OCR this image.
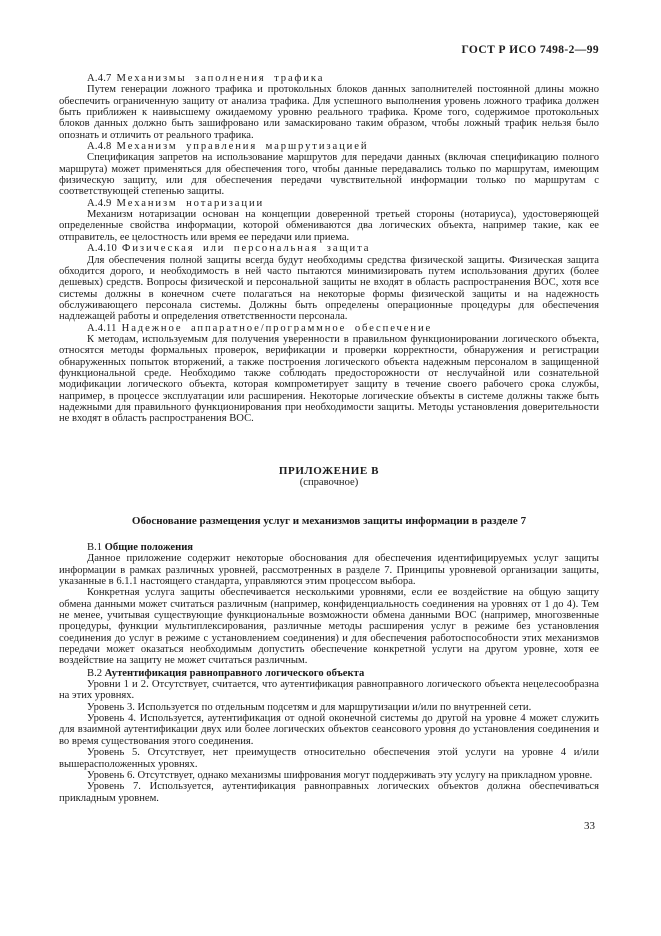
ГОСТ Р ИСО 7498-2—99
А.4.7 Механизмы заполнения трафика

Путем генерации ложного трафика и протокольных блоков данных заполнителей постоянной длины можно обеспечить ограниченную защиту от анализа трафика. Для успешного выполнения уровень ложного трафика должен быть приближен к наивысшему ожидаемому уровню реального трафика. Кроме того, содержимое протокольных блоков данных должно быть зашифровано или замаскировано таким образом, чтобы ложный трафик нельзя было опознать и отличить от реального трафика.

А.4.8 Механизм управления маршрутизацией

Спецификация запретов на использование маршрутов для передачи данных (включая спецификацию полного маршрута) может применяться для обеспечения того, чтобы данные передавались только по маршрутам, имеющим физическую защиту, или для обеспечения передачи чувствительной информации только по маршрутам с соответствующей степенью защиты.

А.4.9 Механизм нотаризации

Механизм нотаризации основан на концепции доверенной третьей стороны (нотариуса), удостоверяющей определенные свойства информации, которой обмениваются два логических объекта, например такие, как ее отправитель, ее целостность или время ее передачи или приема.

А.4.10 Физическая или персональная защита

Для обеспечения полной защиты всегда будут необходимы средства физической защиты. Физическая защита обходится дорого, и необходимость в ней часто пытаются минимизировать путем использования других (более дешевых) средств. Вопросы физической и персональной защиты не входят в область распространения ВОС, хотя все системы должны в конечном счете полагаться на некоторые формы физической защиты и на надежность обслуживающего персонала системы. Должны быть определены операционные процедуры для обеспечения надлежащей работы и определения ответственности персонала.

А.4.11 Надежное аппаратное/программное обеспечение

К методам, используемым для получения уверенности в правильном функционировании логического объекта, относятся методы формальных проверок, верификации и проверки корректности, обнаружения и регистрации обнаруженных попыток вторжений, а также построения логического объекта надежным персоналом в защищенной функциональной среде. Необходимо также соблюдать предосторожности от неслучайной или сознательной модификации логического объекта, которая компрометирует защиту в течение своего рабочего срока службы, например, в процессе эксплуатации или расширения. Некоторые логические объекты в системе должны также быть надежными для правильного функционирования при необходимости защиты. Методы установления доверительности не входят в область распространения ВОС.

ПРИЛОЖЕНИЕ В
(справочное)
Обоснование размещения услуг и механизмов защиты информации в разделе 7
В.1 Общие положения

Данное приложение содержит некоторые обоснования для обеспечения идентифицируемых услуг защиты информации в рамках различных уровней, рассмотренных в разделе 7. Принципы уровневой организации защиты, указанные в 6.1.1 настоящего стандарта, управляются этим процессом выбора.

Конкретная услуга защиты обеспечивается несколькими уровнями, если ее воздействие на общую защиту обмена данными может считаться различным (например, конфиденциальность соединения на уровнях от 1 до 4). Тем не менее, учитывая существующие функциональные возможности обмена данными ВОС (например, многозвенные процедуры, функции мультиплексирования, различные методы расширения услуг в режиме без установления соединения до услуг в режиме с установлением соединения) и для обеспечения работоспособности этих механизмов передачи может оказаться необходимым допустить обеспечение конкретной услуги на другом уровне, хотя ее воздействие на защиту не может считаться различным.

В.2 Аутентификация равноправного логического объекта

Уровни 1 и 2. Отсутствует, считается, что аутентификация равноправного логического объекта нецелесообразна на этих уровнях.

Уровень 3. Используется по отдельным подсетям и для маршрутизации и/или по внутренней сети.

Уровень 4. Используется, аутентификация от одной оконечной системы до другой на уровне 4 может служить для взаимной аутентификации двух или более логических объектов сеансового уровня до установления соединения и во время существования этого соединения.

Уровень 5. Отсутствует, нет преимуществ относительно обеспечения этой услуги на уровне 4 и/или вышерасположенных уровнях.

Уровень 6. Отсутствует, однако механизмы шифрования могут поддерживать эту услугу на прикладном уровне.

Уровень 7. Используется, аутентификация равноправных логических объектов должна обеспечиваться прикладным уровнем.

33
